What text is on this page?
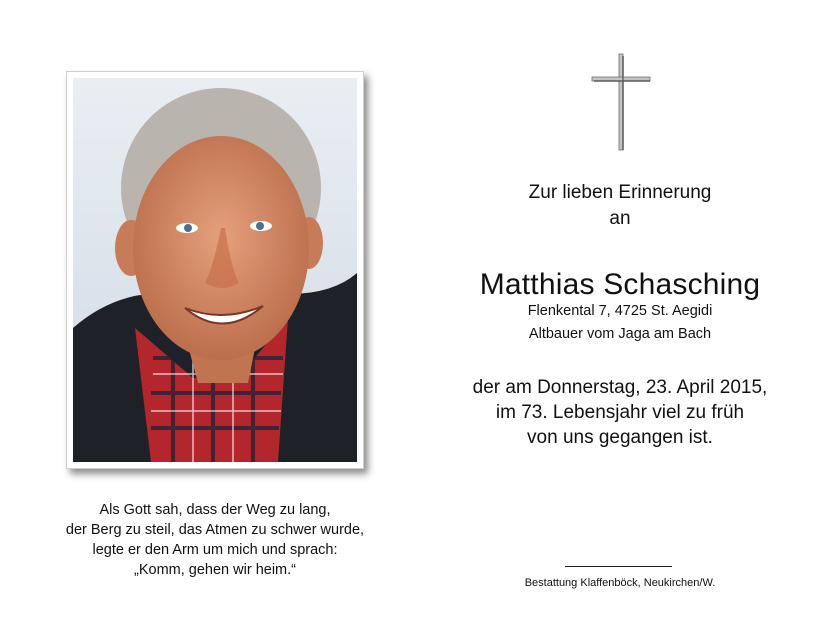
Als Gott sah, dass der Weg zu lang,
der Berg zu steil, das Atmen zu schwer wurde,
legte er den Arm um mich und sprach:
„Komm, gehen wir heim.“
Zur lieben Erinnerung
an
Matthias Schasching
Flenkental 7, 4725 St. Aegidi
Altbauer vom Jaga am Bach
der am Donnerstag, 23. April 2015,
im 73. Lebensjahr viel zu früh
von uns gegangen ist.
Bestattung Klaffenböck, Neukirchen/W.
